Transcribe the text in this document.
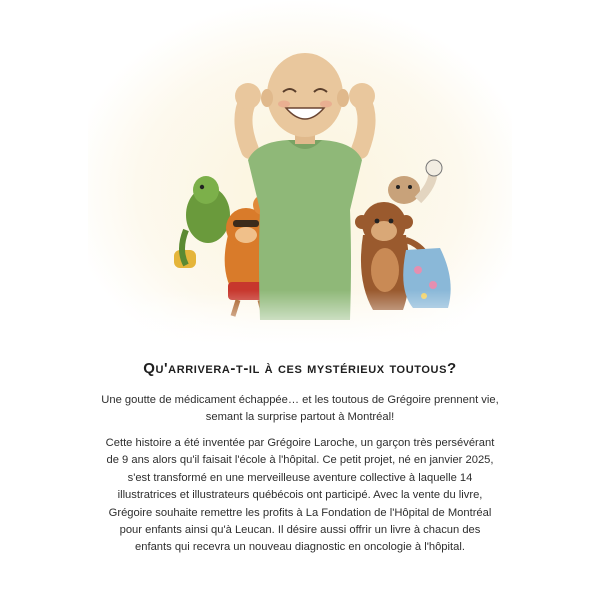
Qu'arrivera-t-il à ces mystérieux toutous?

Une goutte de médicament échappée… et les toutous de Grégoire prennent vie, semant la surprise partout à Montréal!

Cette histoire a été inventée par Grégoire Laroche, un garçon très persévérant de 9 ans alors qu'il faisait l'école à l'hôpital. Ce petit projet, né en janvier 2025, s'est transformé en une merveilleuse aventure collective à laquelle 14 illustratrices et illustrateurs québécois ont participé. Avec la vente du livre, Grégoire souhaite remettre les profits à La Fondation de l'Hôpital de Montréal pour enfants ainsi qu'à Leucan. Il désire aussi offrir un livre à chacun des enfants qui recevra un nouveau diagnostic en oncologie à l'hôpital.
